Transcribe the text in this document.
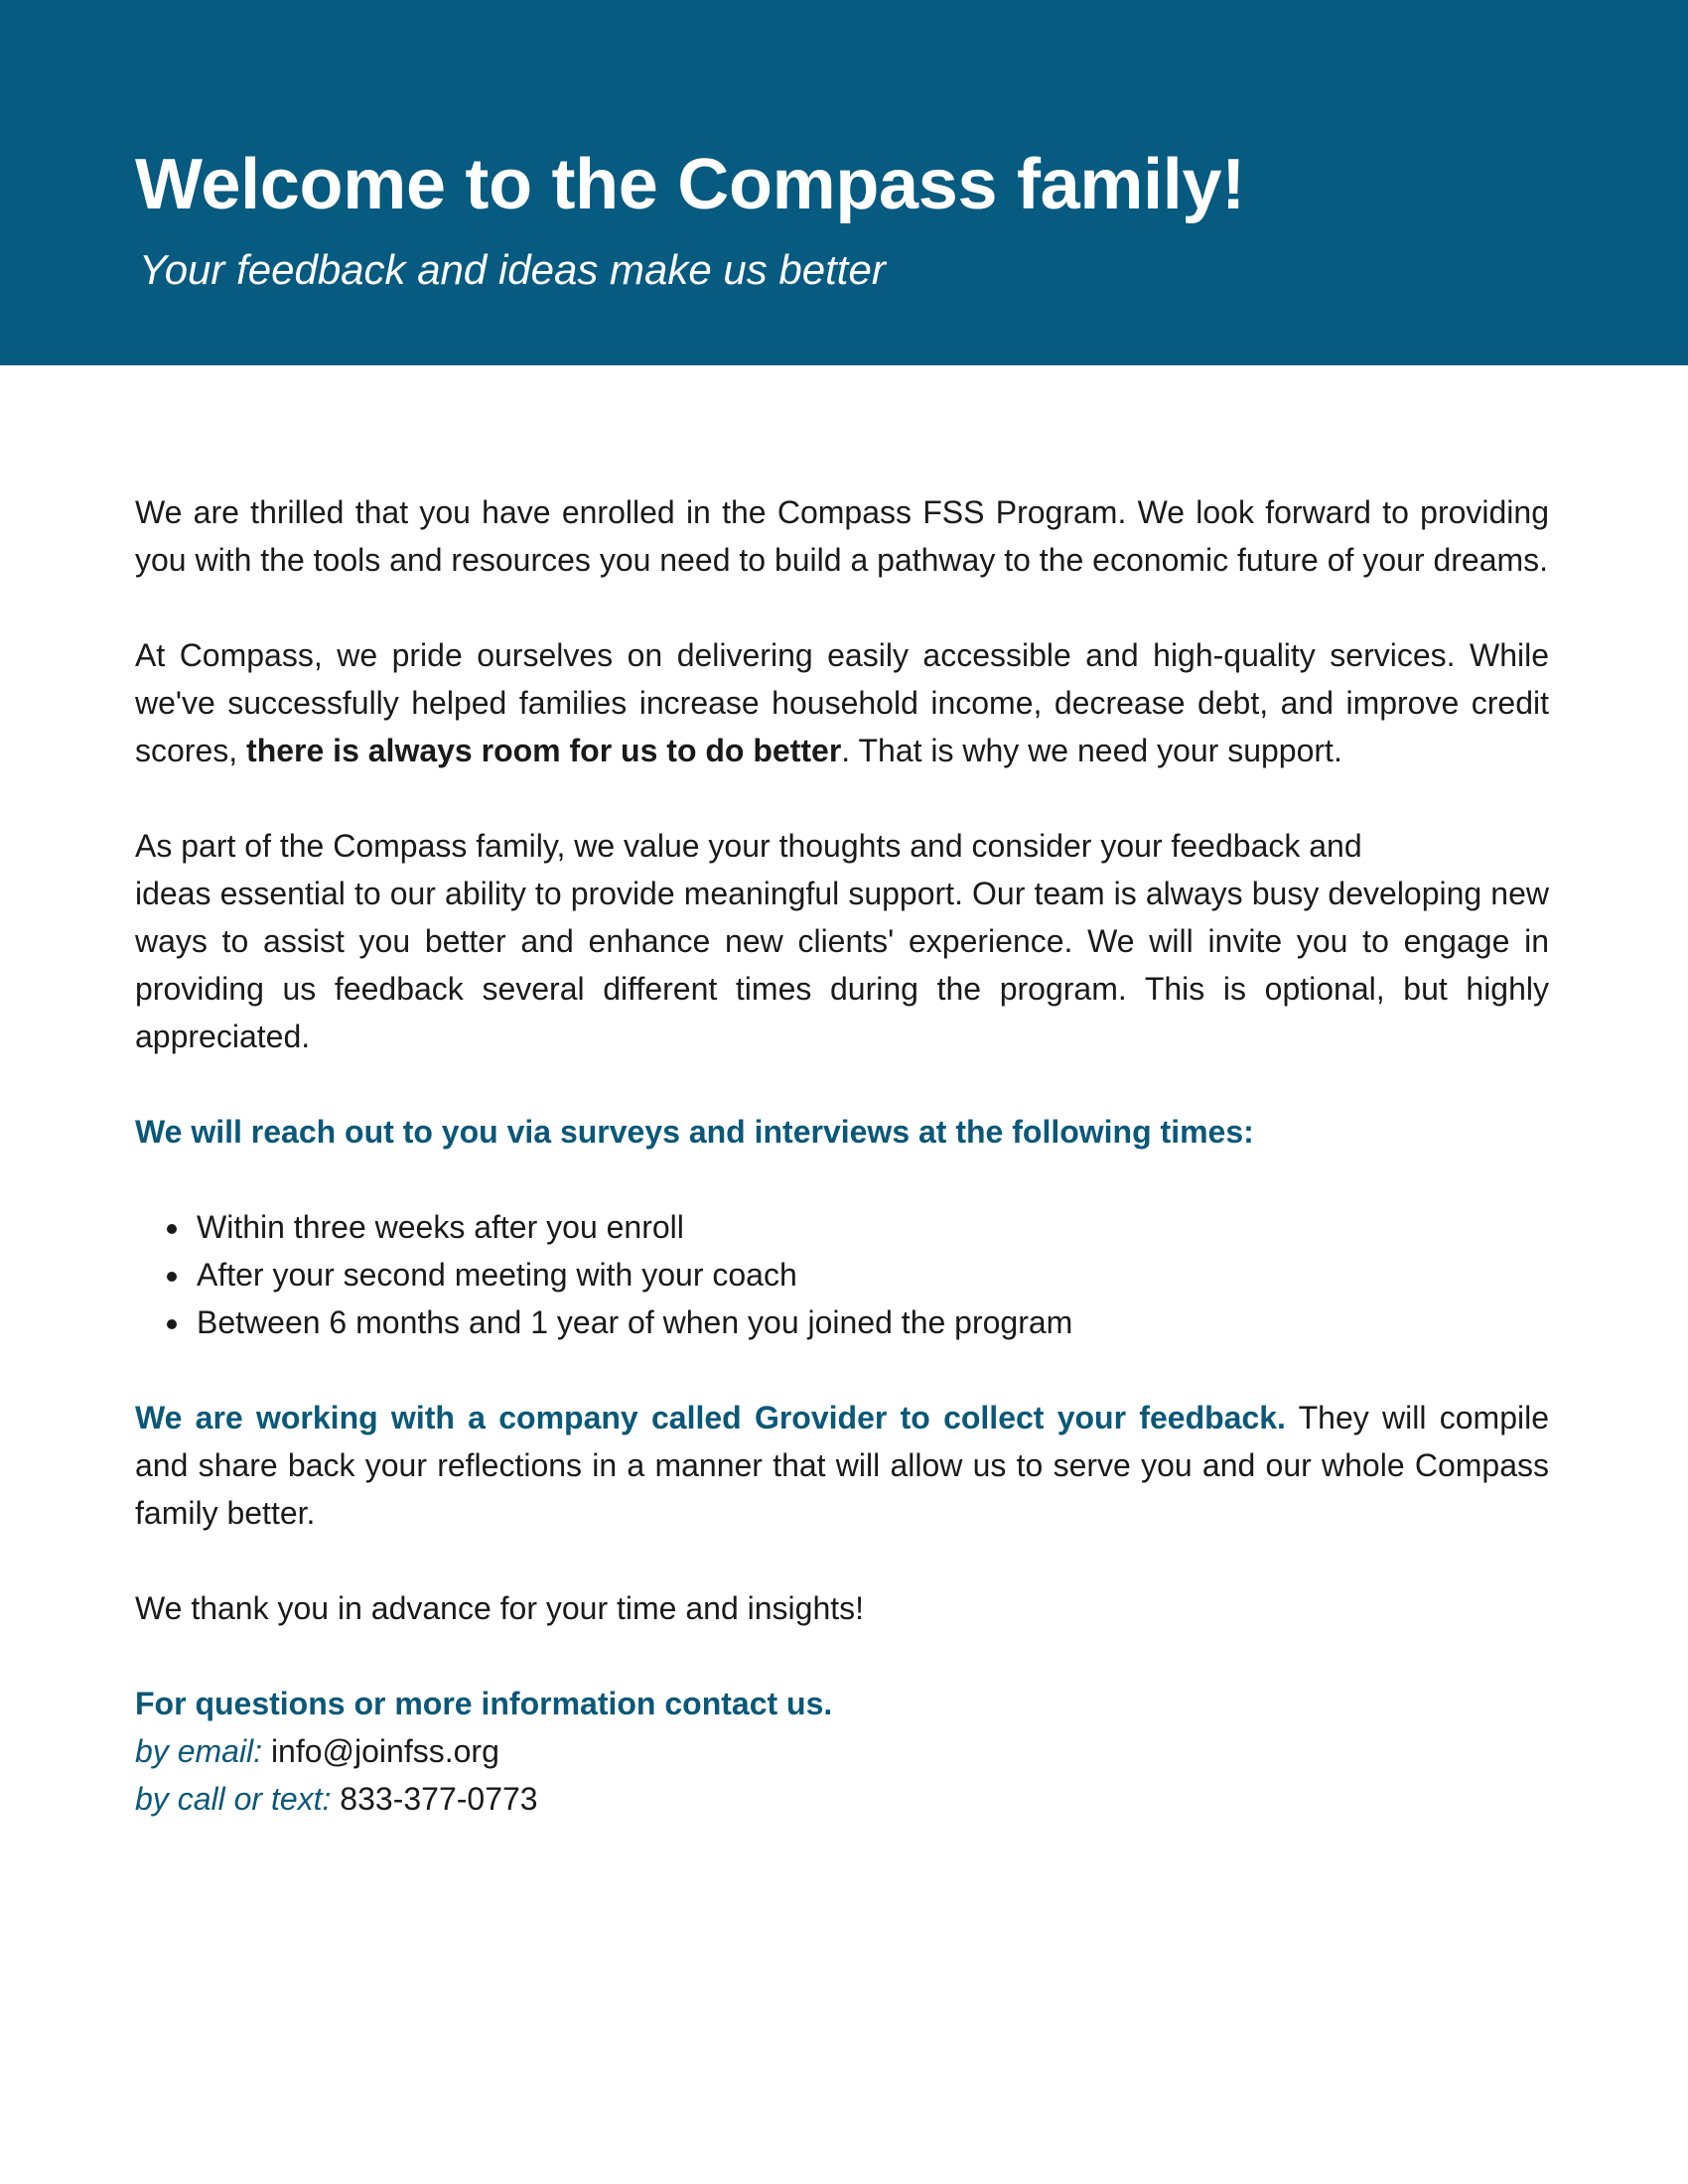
Welcome to the Compass family!

Your feedback and ideas make us better

We are thrilled that you have enrolled in the Compass FSS Program. We look forward to providing you with the tools and resources you need to build a pathway to the economic future of your dreams.

At Compass, we pride ourselves on delivering easily accessible and high-quality services. While we've successfully helped families increase household income, decrease debt, and improve credit scores, there is always room for us to do better. That is why we need your support.

As part of the Compass family, we value your thoughts and consider your feedback and

ideas essential to our ability to provide meaningful support. Our team is always busy developing new ways to assist you better and enhance new clients' experience. We will invite you to engage in providing us feedback several different times during the program. This is optional, but highly appreciated.

We will reach out to you via surveys and interviews at the following times:

• Within three weeks after you enroll
• After your second meeting with your coach
• Between 6 months and 1 year of when you joined the program

We are working with a company called Grovider to collect your feedback. They will compile and share back your reflections in a manner that will allow us to serve you and our whole Compass family better.

We thank you in advance for your time and insights!

For questions or more information contact us.

by email: info@joinfss.org

by call or text: 833-377-0773
